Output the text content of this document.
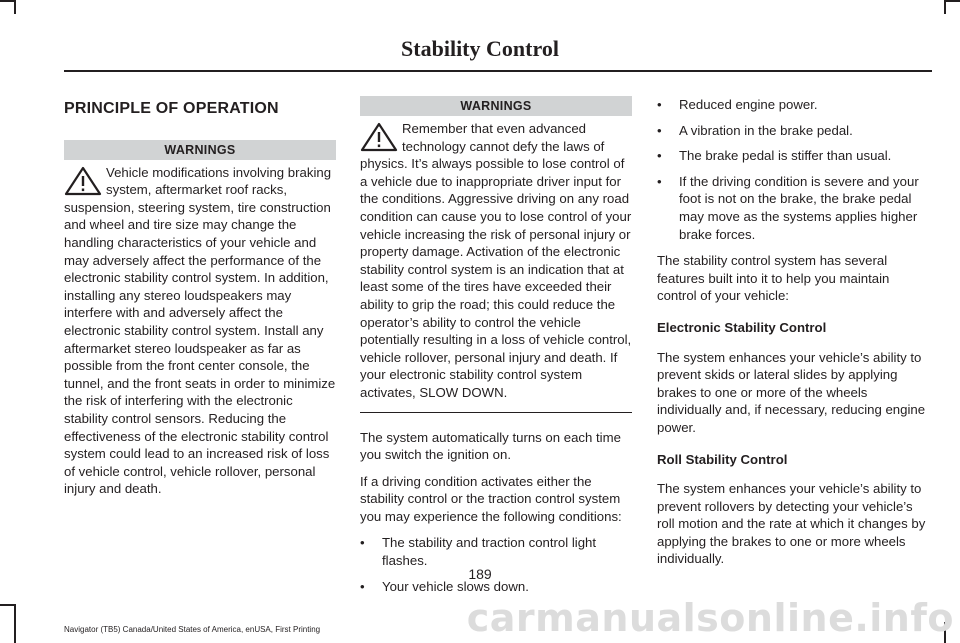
Stability Control
PRINCIPLE OF OPERATION
WARNINGS
Vehicle modifications involving braking system, aftermarket roof racks, suspension, steering system, tire construction and wheel and tire size may change the handling characteristics of your vehicle and may adversely affect the performance of the electronic stability control system. In addition, installing any stereo loudspeakers may interfere with and adversely affect the electronic stability control system. Install any aftermarket stereo loudspeaker as far as possible from the front center console, the tunnel, and the front seats in order to minimize the risk of interfering with the electronic stability control sensors. Reducing the effectiveness of the electronic stability control system could lead to an increased risk of loss of vehicle control, vehicle rollover, personal injury and death.
WARNINGS
Remember that even advanced technology cannot defy the laws of physics. It’s always possible to lose control of a vehicle due to inappropriate driver input for the conditions. Aggressive driving on any road condition can cause you to lose control of your vehicle increasing the risk of personal injury or property damage. Activation of the electronic stability control system is an indication that at least some of the tires have exceeded their ability to grip the road; this could reduce the operator’s ability to control the vehicle potentially resulting in a loss of vehicle control, vehicle rollover, personal injury and death. If your electronic stability control system activates, SLOW DOWN.

The system automatically turns on each time you switch the ignition on.

If a driving condition activates either the stability control or the traction control system you may experience the following conditions:

• The stability and traction control light flashes.
• Your vehicle slows down.
• Reduced engine power.
• A vibration in the brake pedal.
• The brake pedal is stiffer than usual.
• If the driving condition is severe and your foot is not on the brake, the brake pedal may move as the systems applies higher brake forces.

The stability control system has several features built into it to help you maintain control of your vehicle:

Electronic Stability Control

The system enhances your vehicle’s ability to prevent skids or lateral slides by applying brakes to one or more of the wheels individually and, if necessary, reducing engine power.

Roll Stability Control

The system enhances your vehicle’s ability to prevent rollovers by detecting your vehicle’s roll motion and the rate at which it changes by applying the brakes to one or more wheels individually.

189
Navigator (TB5) Canada/United States of America, enUSA, First Printing	carmanualsonline.info
